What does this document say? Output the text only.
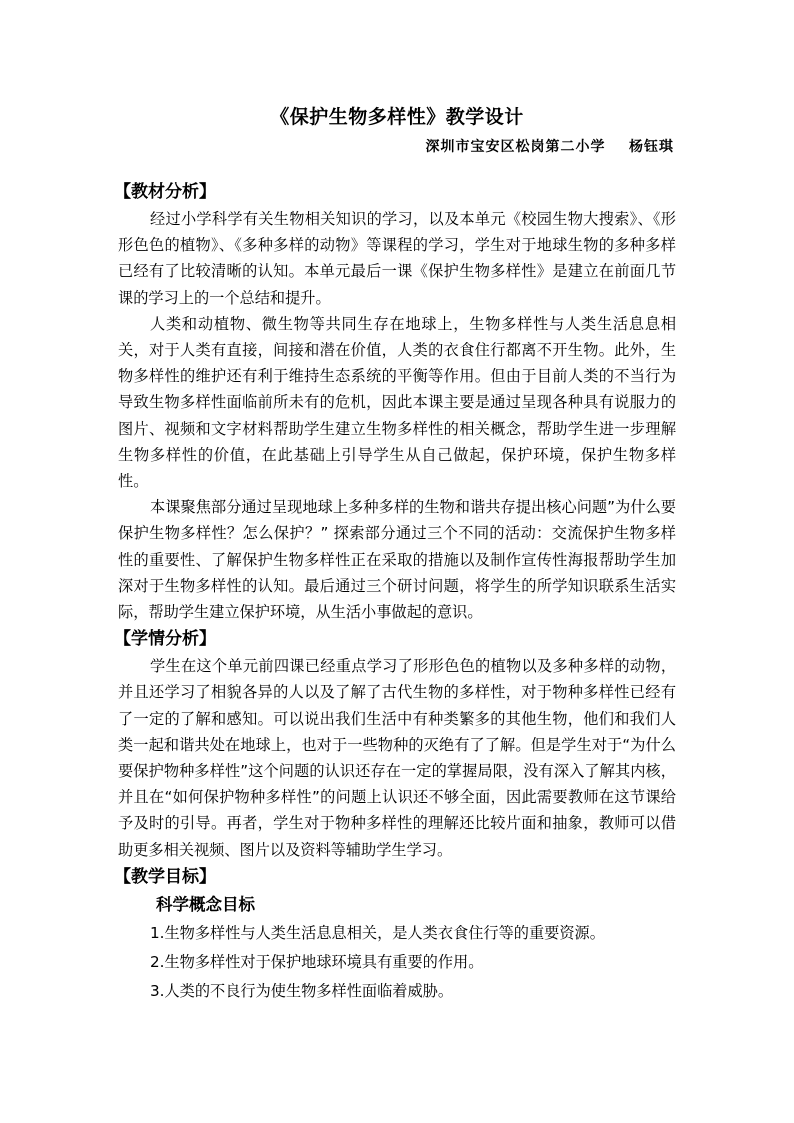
《保护生物多样性》教学设计
深圳市宝安区松岗第二小学    杨钰琪
【教材分析】

经过小学科学有关生物相关知识的学习，以及本单元《校园生物大搜索》、《形形色色的植物》、《多种多样的动物》等课程的学习，学生对于地球生物的多种多样已经有了比较清晰的认知。本单元最后一课《保护生物多样性》是建立在前面几节课的学习上的一个总结和提升。

人类和动植物、微生物等共同生存在地球上，生物多样性与人类生活息息相关，对于人类有直接，间接和潜在价值，人类的衣食住行都离不开生物。此外，生物多样性的维护还有利于维持生态系统的平衡等作用。但由于目前人类的不当行为导致生物多样性面临前所未有的危机，因此本课主要是通过呈现各种具有说服力的图片、视频和文字材料帮助学生建立生物多样性的相关概念，帮助学生进一步理解生物多样性的价值，在此基础上引导学生从自己做起，保护环境，保护生物多样性。

本课聚焦部分通过呈现地球上多种多样的生物和谐共存提出核心问题”为什么要保护生物多样性？怎么保护？” 探索部分通过三个不同的活动：交流保护生物多样性的重要性、了解保护生物多样性正在采取的措施以及制作宣传性海报帮助学生加深对于生物多样性的认知。最后通过三个研讨问题，将学生的所学知识联系生活实际，帮助学生建立保护环境，从生活小事做起的意识。

【学情分析】

学生在这个单元前四课已经重点学习了形形色色的植物以及多种多样的动物，并且还学习了相貌各异的人以及了解了古代生物的多样性，对于物种多样性已经有了一定的了解和感知。可以说出我们生活中有种类繁多的其他生物，他们和我们人类一起和谐共处在地球上，也对于一些物种的灭绝有了了解。但是学生对于“为什么要保护物种多样性”这个问题的认识还存在一定的掌握局限，没有深入了解其内核，并且在“如何保护物种多样性”的问题上认识还不够全面，因此需要教师在这节课给予及时的引导。再者，学生对于物种多样性的理解还比较片面和抽象，教师可以借助更多相关视频、图片以及资料等辅助学生学习。

【教学目标】
科学概念目标

1.生物多样性与人类生活息息相关，是人类衣食住行等的重要资源。

2.生物多样性对于保护地球环境具有重要的作用。

3.人类的不良行为使生物多样性面临着威胁。
